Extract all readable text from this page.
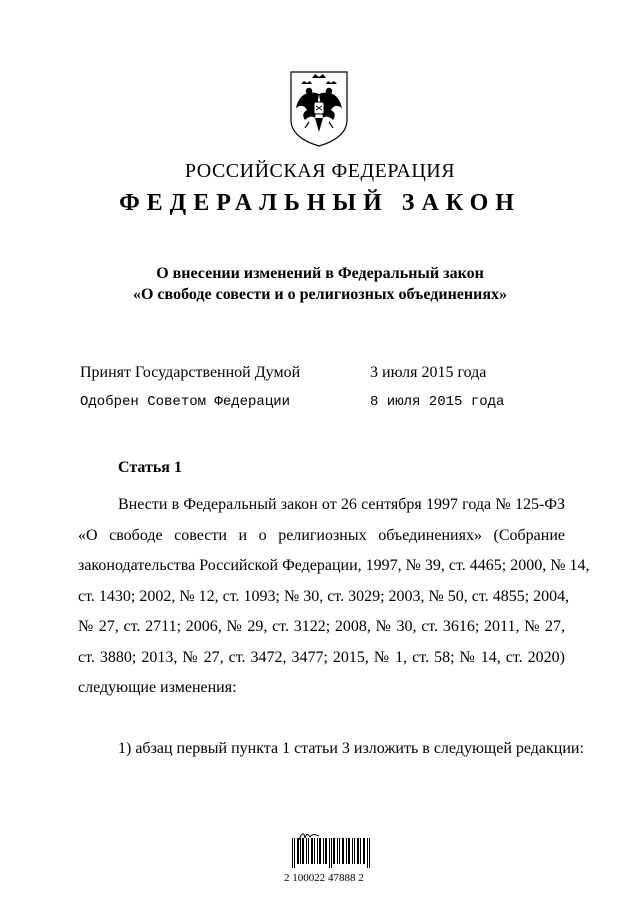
РОССИЙСКАЯ ФЕДЕРАЦИЯ
ФЕДЕРАЛЬНЫЙ ЗАКОН
О внесении изменений в Федеральный закон
«О свободе совести и о религиозных объединениях»
Принят Государственной Думой	3 июля 2015 года
Одобрен Советом Федерации	8 июля 2015 года
Статья 1
Внести в Федеральный закон от 26 сентября 1997 года № 125-ФЗ
«О свободе совести и о религиозных объединениях» (Собрание
законодательства Российской Федерации, 1997, № 39, ст. 4465; 2000, № 14,
ст. 1430; 2002, № 12, ст. 1093; № 30, ст. 3029; 2003, № 50, ст. 4855; 2004,
№ 27, ст. 2711; 2006, № 29, ст. 3122; 2008, № 30, ст. 3616; 2011, № 27,
ст. 3880; 2013, № 27, ст. 3472, 3477; 2015, № 1, ст. 58; № 14, ст. 2020)
следующие изменения:
1) абзац первый пункта 1 статьи 3 изложить в следующей редакции:
2 100022 47888 2
